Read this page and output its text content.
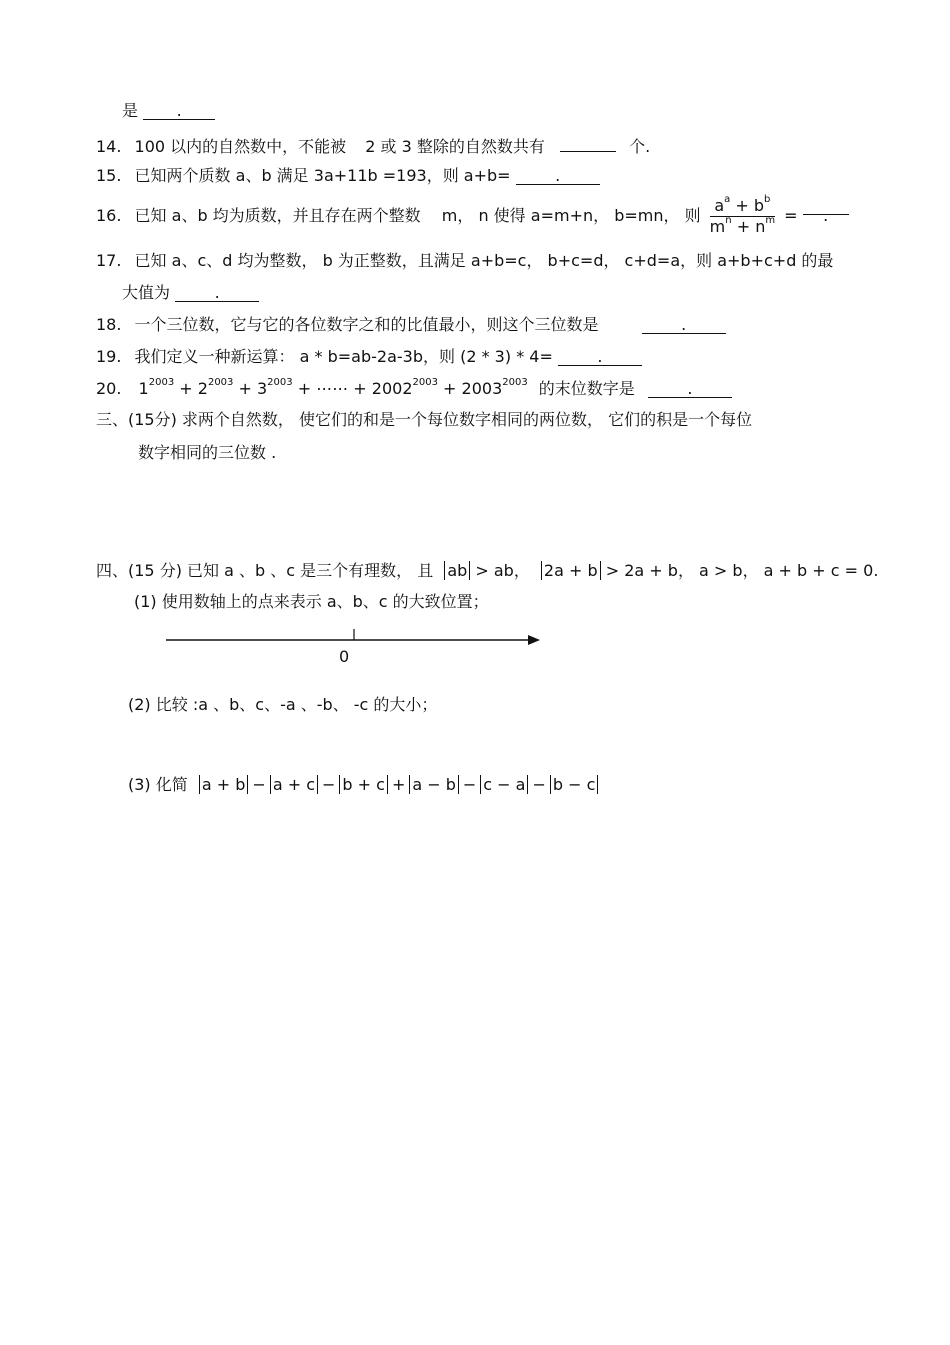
是 .
14. 100 以内的自然数中，不能被 2 或 3 整除的自然数共有	个.
15. 已知两个质数 a、b 满足 3a+11b =193，则 a+b=	.
16. 已知 a、b 均为质数，并且存在两个整数 m， n 使得 a=m+n， b=mn， 则 $\frac{a^a + b^b}{m^n + n^m}$ = .
17. 已知 a、c、d 均为整数， b 为正整数，且满足 a+b=c， b+c=d， c+d=a，则 a+b+c+d 的最
大值为	.
18. 一个三位数，它与它的各位数字之和的比值最小，则这个三位数是	.
19. 我们定义一种新运算： a * b=ab-2a-3b，则 (2 * 3) * 4=	.
20. $1^{2003} + 2^{2003} + 3^{2003}$ + ⋯⋯ + $2002^{2003} + 2003^{2003}$ 的末位数字是	.
三、(15分) 求两个自然数， 使它们的和是一个每位数字相同的两位数， 它们的积是一个每位
数字相同的三位数 .
四、(15 分) 已知 a 、b 、c 是三个有理数， 且 ab > ab， 2a + b > 2a + b， a > b， a + b + c = 0.
(1) 使用数轴上的点来表示 a、b、c 的大致位置；
0
(2) 比较 :a 、b、c、-a 、-b、 -c 的大小；
(3) 化简 a + b − a + c − b + c + a − b − c − a − b − c
